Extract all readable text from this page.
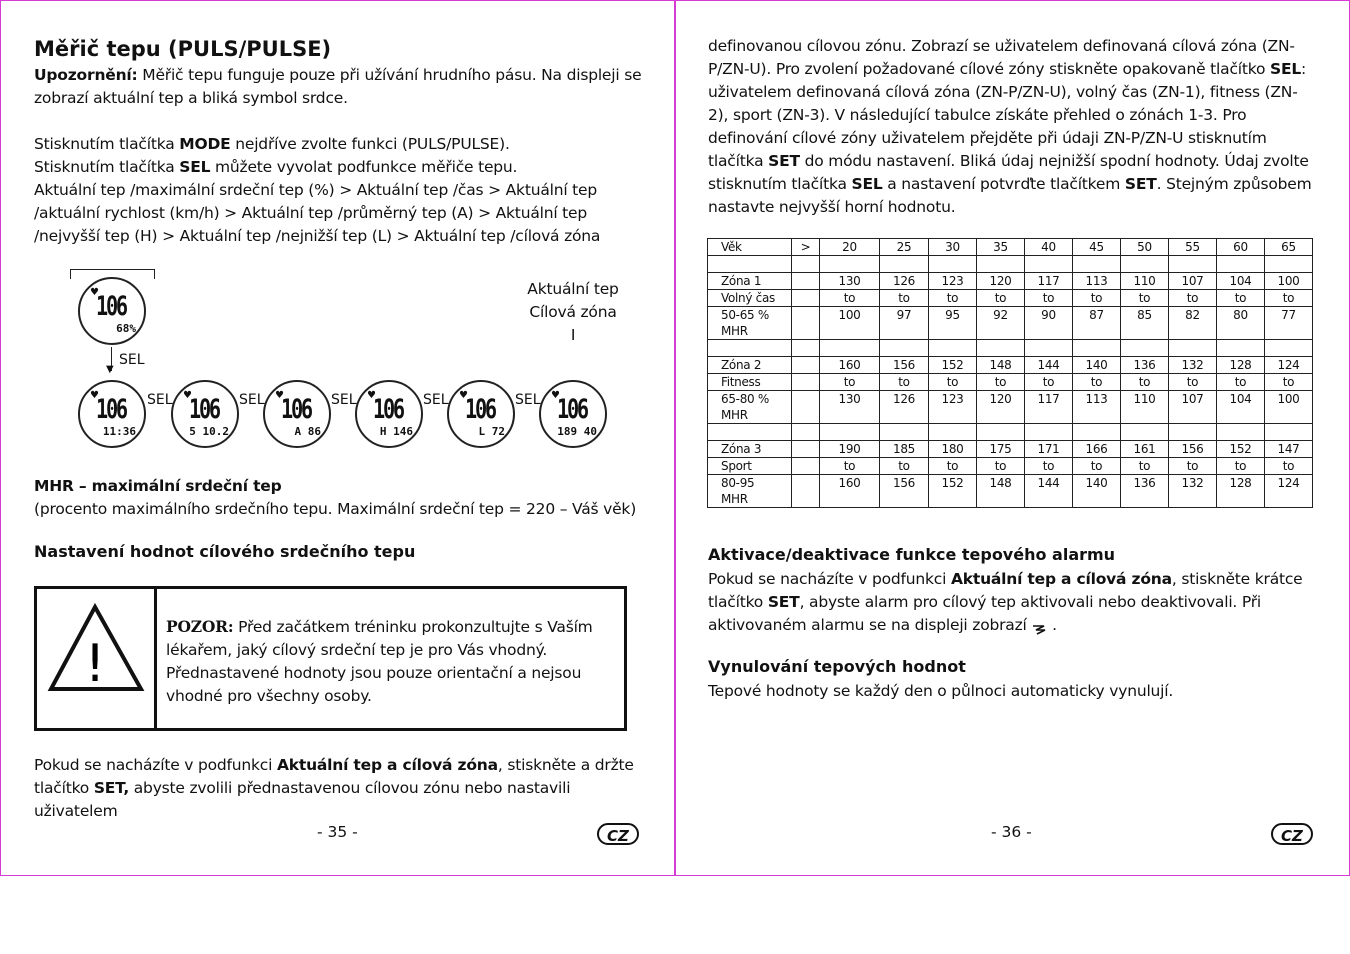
Měřič tepu (PULS/PULSE)

Upozornění: Měřič tepu funguje pouze při užívání hrudního pásu. Na displeji se zobrazí aktuální tep a bliká symbol srdce.

Stisknutím tlačítka MODE nejdříve zvolte funkci (PULS/PULSE).

Stisknutím tlačítka SEL můžete vyvolat podfunkce měřiče tepu.

Aktuální tep /maximální srdeční tep (%) > Aktuální tep /čas > Aktuální tep /aktuální rychlost (km/h) > Aktuální tep /průměrný tep (A) > Aktuální tep /nejvyšší tep (H) > Aktuální tep /nejnižší tep (L) > Aktuální tep /cílová zóna

♥
106
68%
▼
SEL
♥
106
11:36
SEL ♥
106
5 10.2
SEL ♥
106
A 86
SEL ♥
106
H 146
SEL ♥
106
L 72
SEL ♥
106
189 40
Aktuální tep
Cílová zóna
I
MHR – maximální srdeční tep

(procento maximálního srdečního tepu. Maximální srdeční tep = 220 – Váš věk)

Nastavení hodnot cílového srdečního tepu
!

POZOR: Před začátkem tréninku prokonzultujte s Vaším lékařem, jaký cílový srdeční tep je pro Vás vhodný. Přednastavené hodnoty jsou pouze orientační a nejsou vhodné pro všechny osoby.

Pokud se nacházíte v podfunkci Aktuální tep a cílová zóna, stiskněte a držte tlačítko SET, abyste zvolili přednastavenou cílovou zónu nebo nastavili uživatelem

- 35 -	CZ

definovanou cílovou zónu. Zobrazí se uživatelem definovaná cílová zóna (ZN-P/ZN-U). Pro zvolení požadované cílové zóny stiskněte opakovaně tlačítko SEL: uživatelem definovaná cílová zóna (ZN-P/ZN-U), volný čas (ZN-1), fitness (ZN-2), sport (ZN-3). V následující tabulce získáte přehled o zónách 1-3. Pro definování cílové zóny uživatelem přejděte při údaji ZN-P/ZN-U stisknutím tlačítka SET do módu nastavení. Bliká údaj nejnižší spodní hodnoty. Údaj zvolte stisknutím tlačítka SEL a nastavení potvrďte tlačítkem SET. Stejným způsobem nastavte nejvyšší horní hodnotu.

Aktivace/deaktivace funkce tepového alarmu

Pokud se nacházíte v podfunkci Aktuální tep a cílová zóna, stiskněte krátce tlačítko SET, abyste alarm pro cílový tep aktivovali nebo deaktivovali. Při aktivovaném alarmu se na displeji zobrazí  .

Vynulování tepových hodnot

Tepové hodnoty se každý den o půlnoci automaticky vynulují.

- 36 -	CZ
Věk	>	20	25	30	35	40	45	50	55	60	65

Zóna 1		130	126	123	120	117	113	110	107	104	100
Volný čas		to	to	to	to	to	to	to	to	to	to

50-65 %
MHR		100	97	95	92	90	87	85	82	80	77

Zóna 2		160	156	152	148	144	140	136	132	128	124
Fitness		to	to	to	to	to	to	to	to	to	to

65-80 %
MHR		130	126	123	120	117	113	110	107	104	100

Zóna 3		190	185	180	175	171	166	161	156	152	147
Sport		to	to	to	to	to	to	to	to	to	to

80-95
MHR		160	156	152	148	144	140	136	132	128	124
